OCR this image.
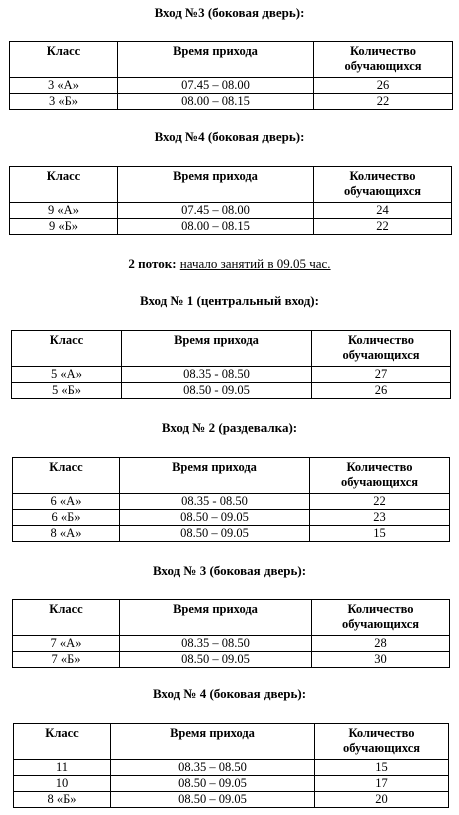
Вход №3 (боковая дверь):
Класс	Время прихода	Количество обучающихся
3 «А»	07.45 – 08.00	26
3 «Б»	08.00 – 08.15	22
Вход №4 (боковая дверь):
Класс	Время прихода	Количество обучающихся
9 «А»	07.45 – 08.00	24
9 «Б»	08.00 – 08.15	22
2 поток: начало занятий в 09.05 час.
Вход № 1 (центральный вход):
Класс	Время прихода	Количество обучающихся
5 «А»	08.35 - 08.50	27
5 «Б»	08.50 - 09.05	26
Вход № 2 (раздевалка):
Класс	Время прихода	Количество обучающихся
6 «А»	08.35 - 08.50	22
6 «Б»	08.50 – 09.05	23
8 «А»	08.50 – 09.05	15
Вход № 3 (боковая дверь):
Класс	Время прихода	Количество обучающихся
7 «А»	08.35 – 08.50	28
7 «Б»	08.50 – 09.05	30
Вход № 4 (боковая дверь):
Класс	Время прихода	Количество обучающихся
11	08.35 – 08.50	15
10	08.50 – 09.05	17
8 «Б»	08.50 – 09.05	20
